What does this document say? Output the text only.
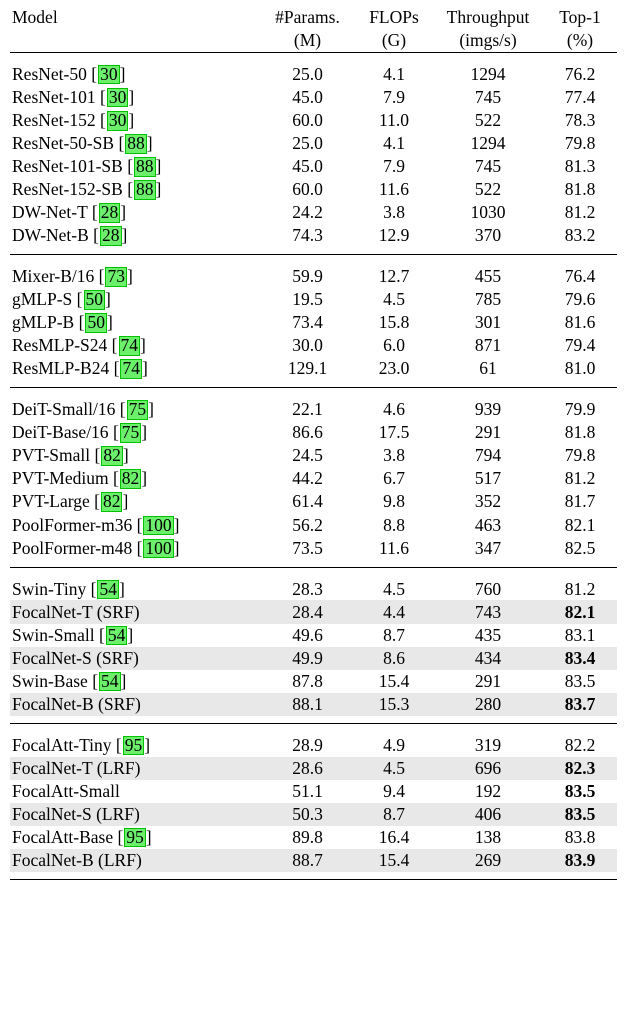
Model	#Params.	FLOPs	Throughput	Top-1
	(M)	(G)	(imgs/s)	(%)

ResNet-50 [ 30 ]	25.0	4.1	1294	76.2
ResNet-101 [ 30 ]	45.0	7.9	745	77.4
ResNet-152 [ 30 ]	60.0	11.0	522	78.3
ResNet-50-SB [ 88 ]	25.0	4.1	1294	79.8
ResNet-101-SB [ 88 ]	45.0	7.9	745	81.3
ResNet-152-SB [ 88 ]	60.0	11.6	522	81.8
DW-Net-T [ 28 ]	24.2	3.8	1030	81.2
DW-Net-B [ 28 ]	74.3	12.9	370	83.2

Mixer-B/16 [ 73 ]	59.9	12.7	455	76.4
gMLP-S [ 50 ]	19.5	4.5	785	79.6
gMLP-B [ 50 ]	73.4	15.8	301	81.6
ResMLP-S24 [ 74 ]	30.0	6.0	871	79.4
ResMLP-B24 [ 74 ]	129.1	23.0	61	81.0

DeiT-Small/16 [ 75 ]	22.1	4.6	939	79.9
DeiT-Base/16 [ 75 ]	86.6	17.5	291	81.8
PVT-Small [ 82 ]	24.5	3.8	794	79.8
PVT-Medium [ 82 ]	44.2	6.7	517	81.2
PVT-Large [ 82 ]	61.4	9.8	352	81.7
PoolFormer-m36 [ 100 ]	56.2	8.8	463	82.1
PoolFormer-m48 [ 100 ]	73.5	11.6	347	82.5

Swin-Tiny [ 54 ]	28.3	4.5	760	81.2
FocalNet-T (SRF)	28.4	4.4	743	82.1
Swin-Small [ 54 ]	49.6	8.7	435	83.1
FocalNet-S (SRF)	49.9	8.6	434	83.4
Swin-Base [ 54 ]	87.8	15.4	291	83.5
FocalNet-B (SRF)	88.1	15.3	280	83.7

FocalAtt-Tiny [ 95 ]	28.9	4.9	319	82.2
FocalNet-T (LRF)	28.6	4.5	696	82.3
FocalAtt-Small	51.1	9.4	192	83.5
FocalNet-S (LRF)	50.3	8.7	406	83.5
FocalAtt-Base [ 95 ]	89.8	16.4	138	83.8
FocalNet-B (LRF)	88.7	15.4	269	83.9
